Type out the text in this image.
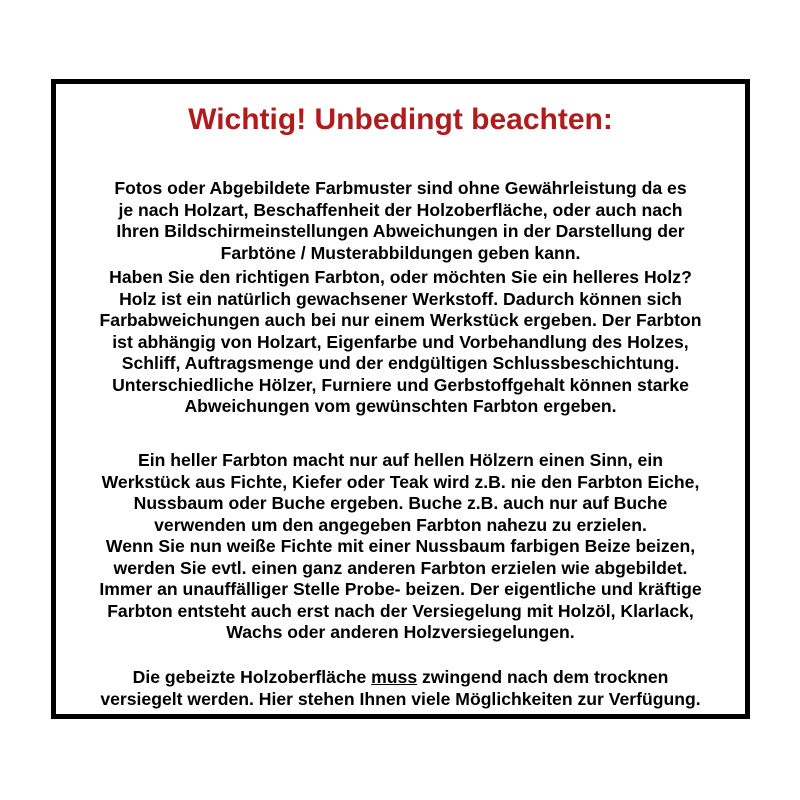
Wichtig! Unbedingt beachten:

Fotos oder Abgebildete Farbmuster sind ohne Gewährleistung da es
je nach Holzart, Beschaffenheit der Holzoberfläche, oder auch nach
Ihren Bildschirmeinstellungen Abweichungen in der Darstellung der
Farbtöne / Musterabbildungen geben kann.

Haben Sie den richtigen Farbton, oder möchten Sie ein helleres Holz?
Holz ist ein natürlich gewachsener Werkstoff. Dadurch können sich
Farbabweichungen auch bei nur einem Werkstück ergeben. Der Farbton
ist abhängig von Holzart, Eigenfarbe und Vorbehandlung des Holzes,
Schliff, Auftragsmenge und der endgültigen Schlussbeschichtung.
Unterschiedliche Hölzer, Furniere und Gerbstoffgehalt können starke
Abweichungen vom gewünschten Farbton ergeben.

Ein heller Farbton macht nur auf hellen Hölzern einen Sinn, ein
Werkstück aus Fichte, Kiefer oder Teak wird z.B. nie den Farbton Eiche,
Nussbaum oder Buche ergeben. Buche z.B. auch nur auf Buche
verwenden um den angegeben Farbton nahezu zu erzielen.
Wenn Sie nun weiße Fichte mit einer Nussbaum farbigen Beize beizen,
werden Sie evtl. einen ganz anderen Farbton erzielen wie abgebildet.
Immer an unauffälliger Stelle Probe- beizen. Der eigentliche und kräftige
Farbton entsteht auch erst nach der Versiegelung mit Holzöl, Klarlack,
Wachs oder anderen Holzversiegelungen.

Die gebeizte Holzoberfläche muss zwingend nach dem trocknen
versiegelt werden. Hier stehen Ihnen viele Möglichkeiten zur Verfügung.
